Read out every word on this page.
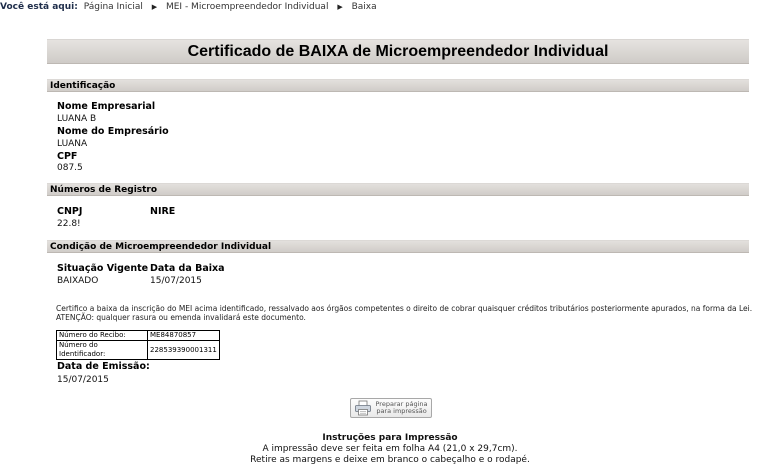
Você está aqui: Página Inicial ▶ MEI - Microempreendedor Individual ▶ Baixa
Certificado de BAIXA de Microempreendedor Individual
Identificação
Nome Empresarial
LUANA B
Nome do Empresário
LUANA
CPF
087.5
Números de Registro
CNPJ
22.8!
NIRE
Condição de Microempreendedor Individual
Situação Vigente
BAIXADO
Data da Baixa
15/07/2015
Certifico a baixa da inscrição do MEI acima identificado, ressalvado aos órgãos competentes o direito de cobrar quaisquer créditos tributários posteriormente apurados, na forma da Lei.
ATENÇÃO: qualquer rasura ou emenda invalidará este documento.
Número do Recibo:	ME84870857
Número do Identificador:	228539390001311
Data de Emissão:
15/07/2015
Preparar página
para impressão
Instruções para Impressão
A impressão deve ser feita em folha A4 (21,0 x 29,7cm).
Retire as margens e deixe em branco o cabeçalho e o rodapé.
